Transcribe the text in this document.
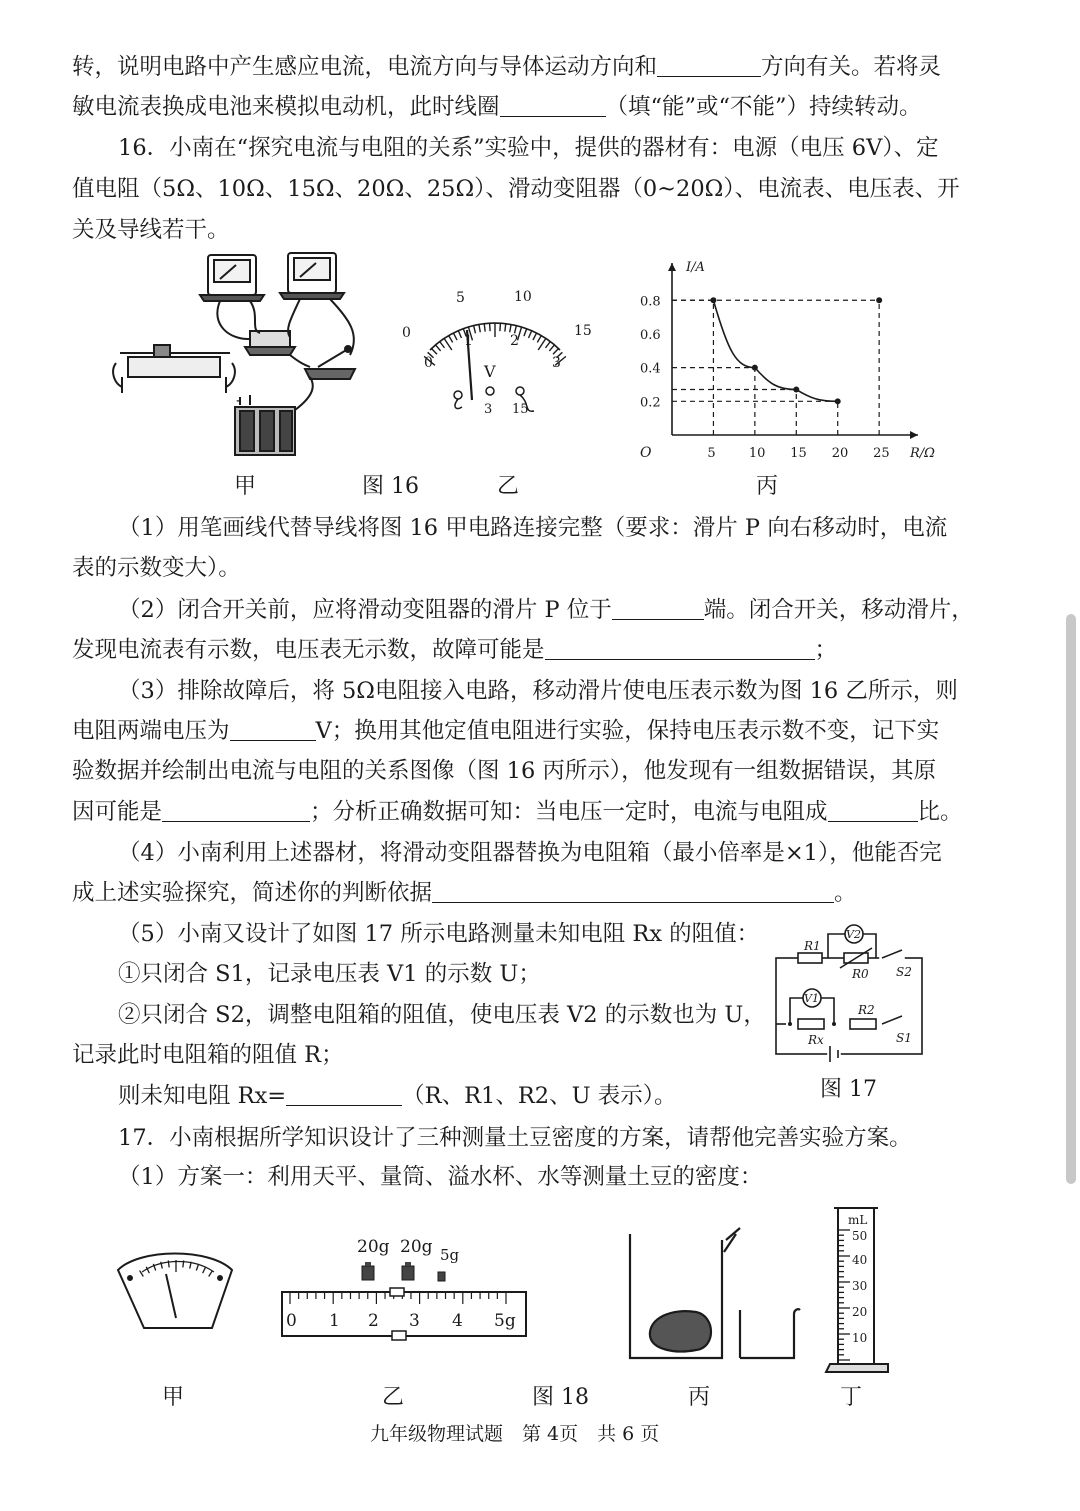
转，说明电路中产生感应电流，电流方向与导体运动方向和	方向有关。若将灵
敏电流表换成电池来模拟电动机，此时线圈	（填“能”或“不能”）持续转动。
16．小南在“探究电流与电阻的关系”实验中，提供的器材有：电源（电压 6V）、定
值电阻（5Ω、10Ω、15Ω、20Ω、25Ω）、滑动变阻器（0~20Ω）、电流表、电压表、开
关及导线若干。
-
0
5	10
15
0
1	2
3
V
3 15
I/A
R/Ω
O	5	10 15 20 25
0.2
0.4
0.6
0.8
甲	图 16	乙	丙
（1）用笔画线代替导线将图 16 甲电路连接完整（要求：滑片 P 向右移动时，电流
表的示数变大）。
（2）闭合开关前，应将滑动变阻器的滑片 P 位于	端。闭合开关，移动滑片，
发现电流表有示数，电压表无示数，故障可能是	；
（3）排除故障后，将 5Ω电阻接入电路，移动滑片使电压表示数为图 16 乙所示，则
电阻两端电压为	V；换用其他定值电阻进行实验，保持电压表示数不变，记下实
验数据并绘制出电流与电阻的关系图像（图 16 丙所示），他发现有一组数据错误，其原
因可能是	；分析正确数据可知：当电压一定时，电流与电阻成	比。
（4）小南利用上述器材，将滑动变阻器替换为电阻箱（最小倍率是×1），他能否完
成上述实验探究，简述你的判断依据	。
（5）小南又设计了如图 17 所示电路测量未知电阻 Rx 的阻值：
①只闭合 S1，记录电压表 V1 的示数 U；
②只闭合 S2，调整电阻箱的阻值，使电压表 V2 的示数也为 U，
记录此时电阻箱的阻值 R；
则未知电阻 Rx=	（R、R1、R2、U 表示）。
R1
V2
R0 S2
V1
R2
Rx	S1
图 17
17．小南根据所学知识设计了三种测量土豆密度的方案，请帮他完善实验方案。
（1）方案一：利用天平、量筒、溢水杯、水等测量土豆的密度：
20g 20g 5g
0 1 2 3 4 5g
mL
50
40
30
20
10
甲	乙	图 18	丙	丁
九年级物理试题　第 4页　共 6 页
